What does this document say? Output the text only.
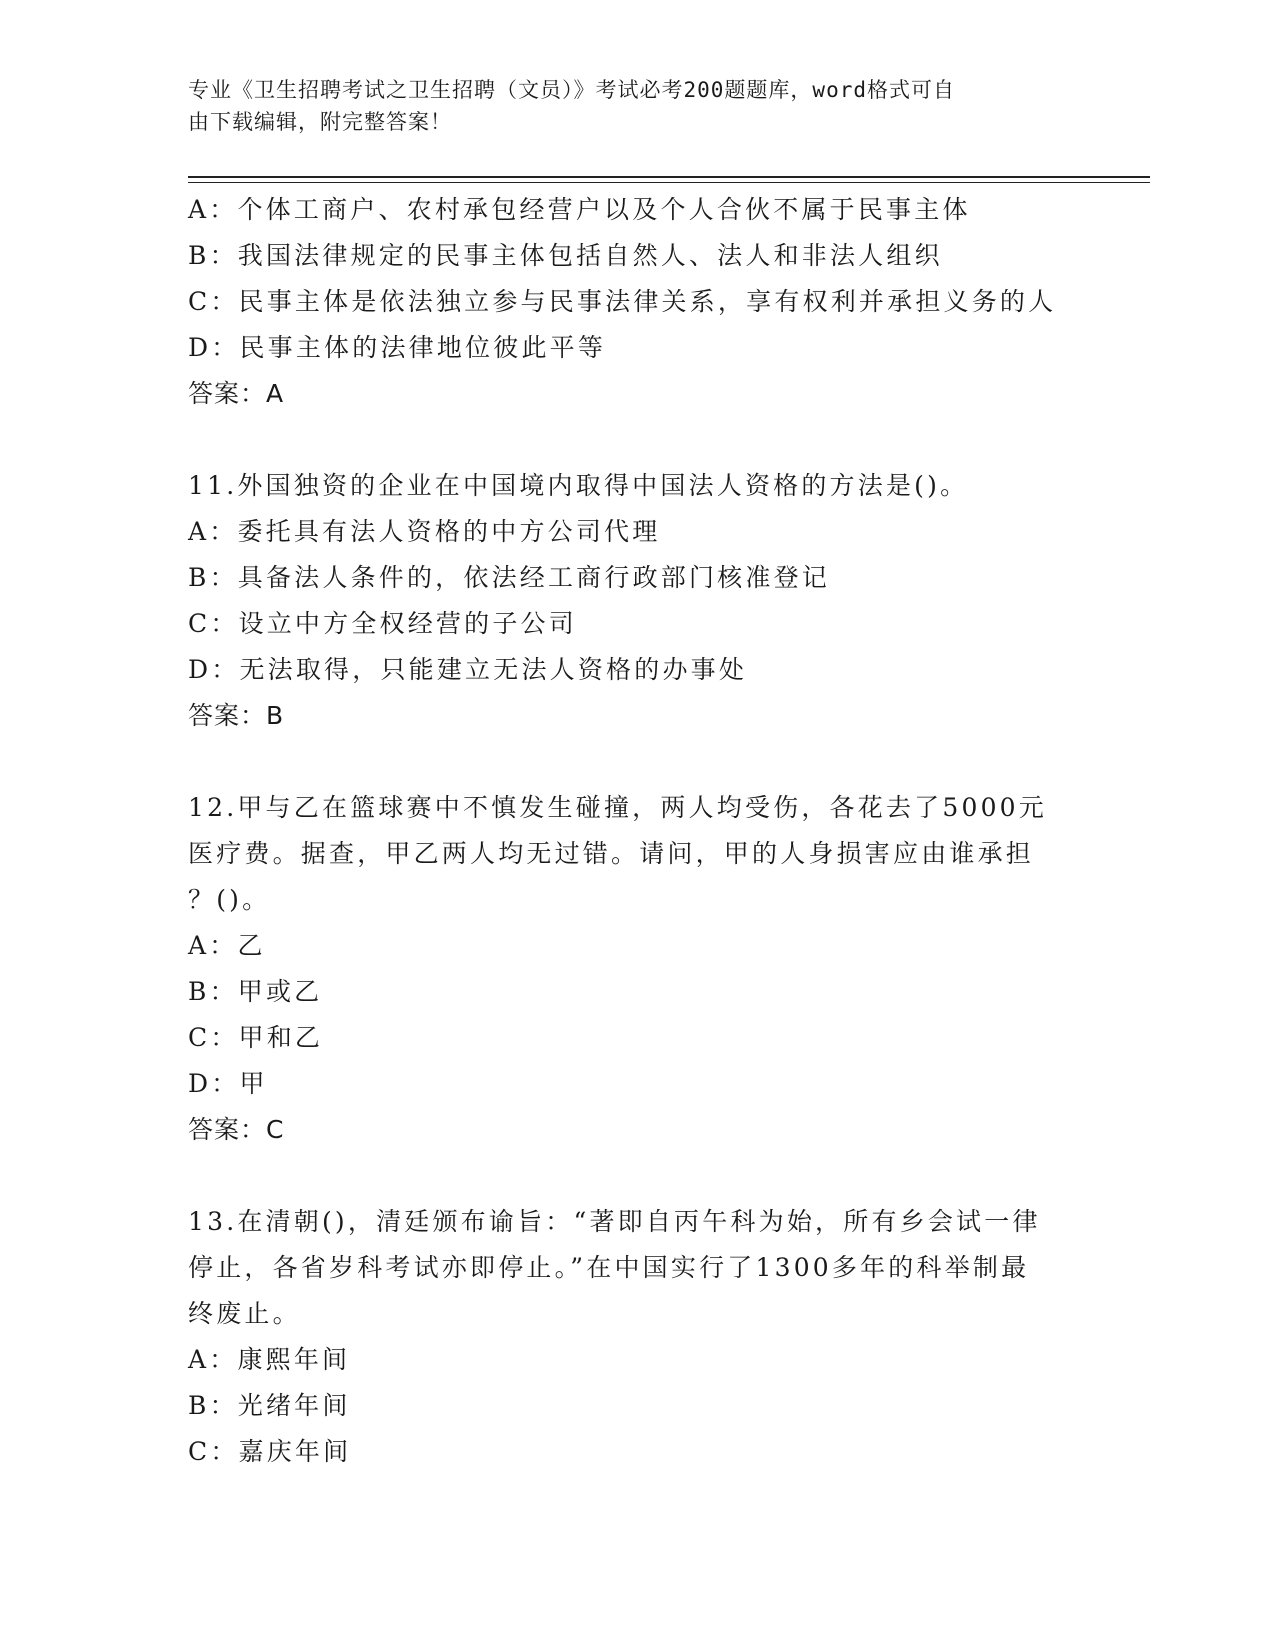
专业《卫生招聘考试之卫生招聘（文员）》考试必考200题题库，word格式可自
由下载编辑，附完整答案！
A：个体工商户、农村承包经营户以及个人合伙不属于民事主体
B：我国法律规定的民事主体包括自然人、法人和非法人组织
C：民事主体是依法独立参与民事法律关系，享有权利并承担义务的人
D：民事主体的法律地位彼此平等
答案：A
11.外国独资的企业在中国境内取得中国法人资格的方法是()。
A：委托具有法人资格的中方公司代理
B：具备法人条件的，依法经工商行政部门核准登记
C：设立中方全权经营的子公司
D：无法取得，只能建立无法人资格的办事处
答案：B
12.甲与乙在篮球赛中不慎发生碰撞，两人均受伤，各花去了5000元
医疗费。据查，甲乙两人均无过错。请问，甲的人身损害应由谁承担
？()。
A：乙
B：甲或乙
C：甲和乙
D：甲
答案：C
13.在清朝()，清廷颁布谕旨：“著即自丙午科为始，所有乡会试一律
停止，各省岁科考试亦即停止。”在中国实行了1300多年的科举制最
终废止。
A：康熙年间
B：光绪年间
C：嘉庆年间
